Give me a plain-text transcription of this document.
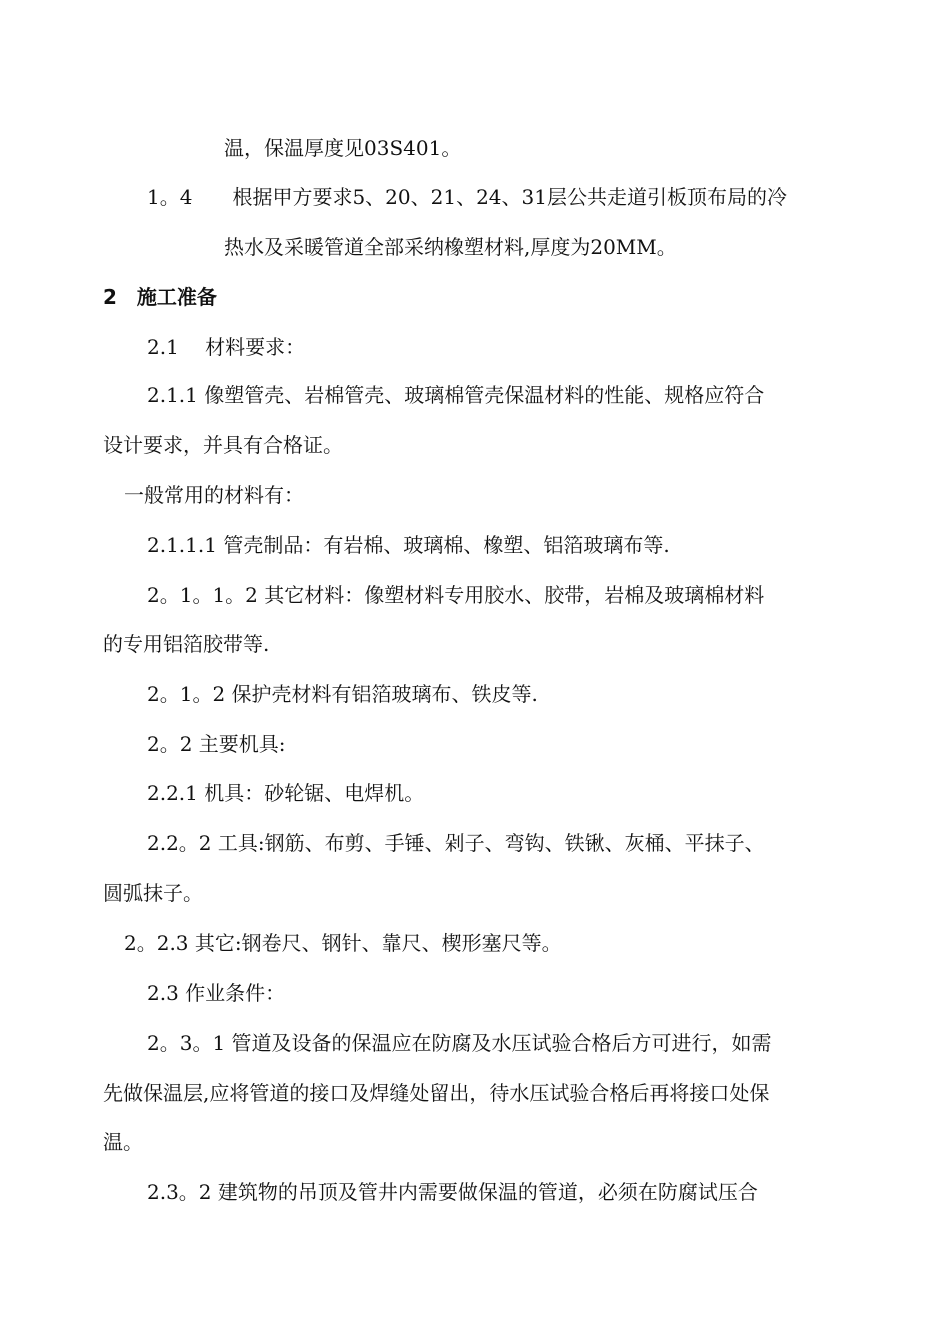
温，保温厚度见03S401。
1。4　　根据甲方要求5、20、21、24、31层公共走道引板顶布局的冷
热水及采暖管道全部采纳橡塑材料,厚度为20MM。
2　施工准备
2.1　 材料要求：
2.1.1 像塑管壳、岩棉管壳、玻璃棉管壳保温材料的性能、规格应符合
设计要求，并具有合格证。
一般常用的材料有：
2.1.1.1 管壳制品：有岩棉、玻璃棉、橡塑、铝箔玻璃布等.
2。1。1。2 其它材料：像塑材料专用胶水、胶带，岩棉及玻璃棉材料
的专用铝箔胶带等.
2。1。2 保护壳材料有铝箔玻璃布、铁皮等.
2。2 主要机具:
2.2.1 机具：砂轮锯、电焊机。
2.2。2 工具:钢筋、布剪、手锤、剁子、弯钩、铁锹、灰桶、平抹子、
圆弧抹子。
2。2.3 其它:钢卷尺、钢针、靠尺、楔形塞尺等。
2.3 作业条件：
2。3。1 管道及设备的保温应在防腐及水压试验合格后方可进行，如需
先做保温层,应将管道的接口及焊缝处留出，待水压试验合格后再将接口处保
温。
2.3。2 建筑物的吊顶及管井内需要做保温的管道，必须在防腐试压合
